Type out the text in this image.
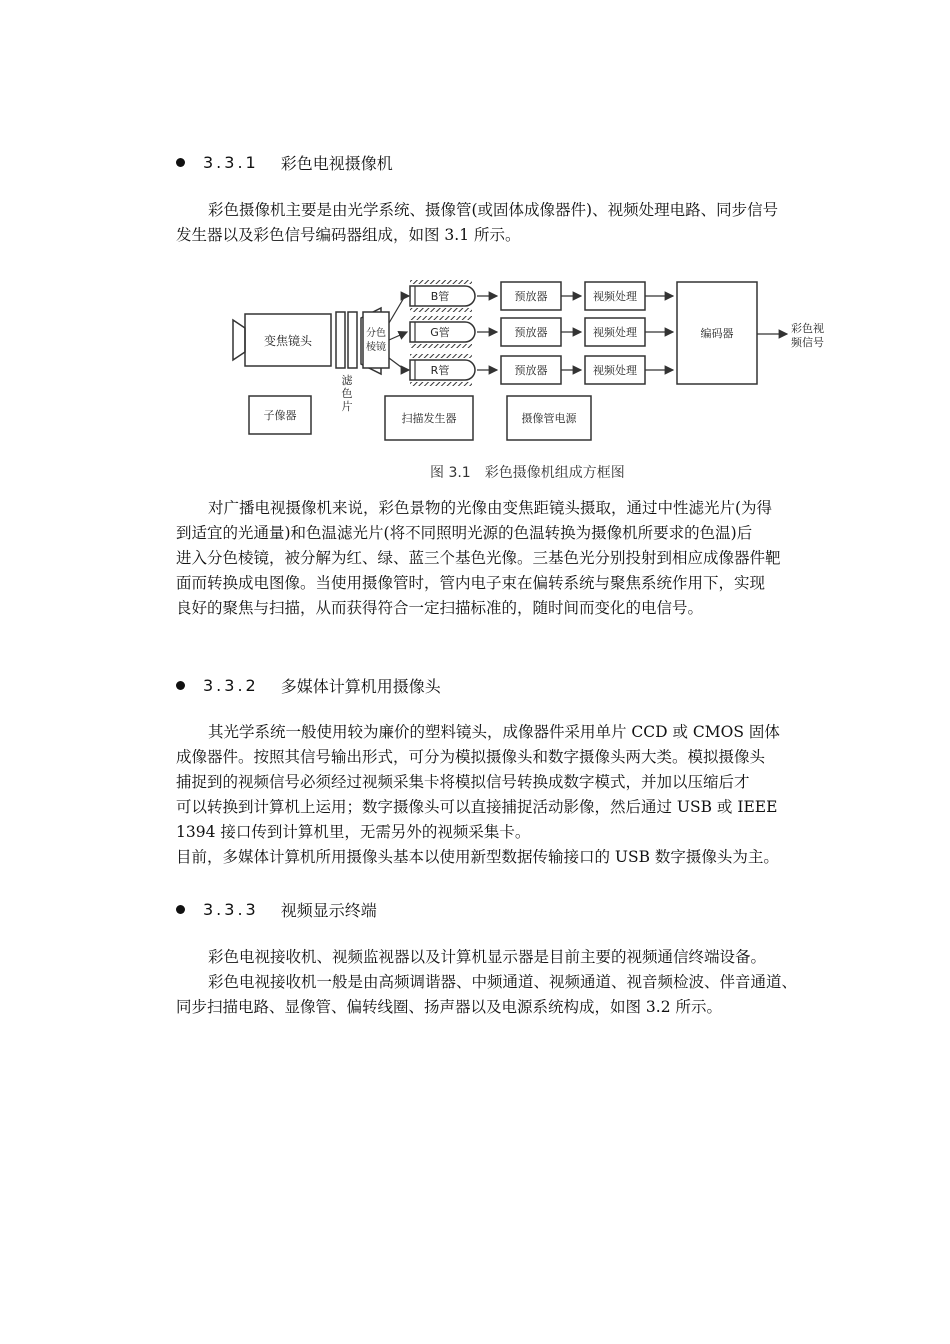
3.3.1 彩色电视摄像机
彩色摄像机主要是由光学系统、摄像管(或固体成像器件)、视频处理电路、同步信号
发生器以及彩色信号编码器组成，如图 3.1 所示。
变焦镜头
滤色片
分色棱镜
B管
G管
R管
预放器
预放器
预放器
视频处理
视频处理
视频处理
编码器	彩色视频信号
子像器	扫描发生器	摄像管电源
图 3.1　彩色摄像机组成方框图
对广播电视摄像机来说，彩色景物的光像由变焦距镜头摄取，通过中性滤光片(为得
到适宜的光通量)和色温滤光片(将不同照明光源的色温转换为摄像机所要求的色温)后
进入分色棱镜，被分解为红、绿、蓝三个基色光像。三基色光分别投射到相应成像器件靶
面而转换成电图像。当使用摄像管时，管内电子束在偏转系统与聚焦系统作用下，实现
良好的聚焦与扫描，从而获得符合一定扫描标准的，随时间而变化的电信号。
3.3.2 多媒体计算机用摄像头
其光学系统一般使用较为廉价的塑料镜头，成像器件采用单片 CCD 或 CMOS 固体
成像器件。按照其信号输出形式，可分为模拟摄像头和数字摄像头两大类。模拟摄像头
捕捉到的视频信号必须经过视频采集卡将模拟信号转换成数字模式，并加以压缩后才
可以转换到计算机上运用；数字摄像头可以直接捕捉活动影像，然后通过 USB 或 IEEE
1394 接口传到计算机里，无需另外的视频采集卡。
目前，多媒体计算机所用摄像头基本以使用新型数据传输接口的 USB 数字摄像头为主。
3.3.3 视频显示终端
彩色电视接收机、视频监视器以及计算机显示器是目前主要的视频通信终端设备。
彩色电视接收机一般是由高频调谐器、中频通道、视频通道、视音频检波、伴音通道、
同步扫描电路、显像管、偏转线圈、扬声器以及电源系统构成，如图 3.2 所示。
